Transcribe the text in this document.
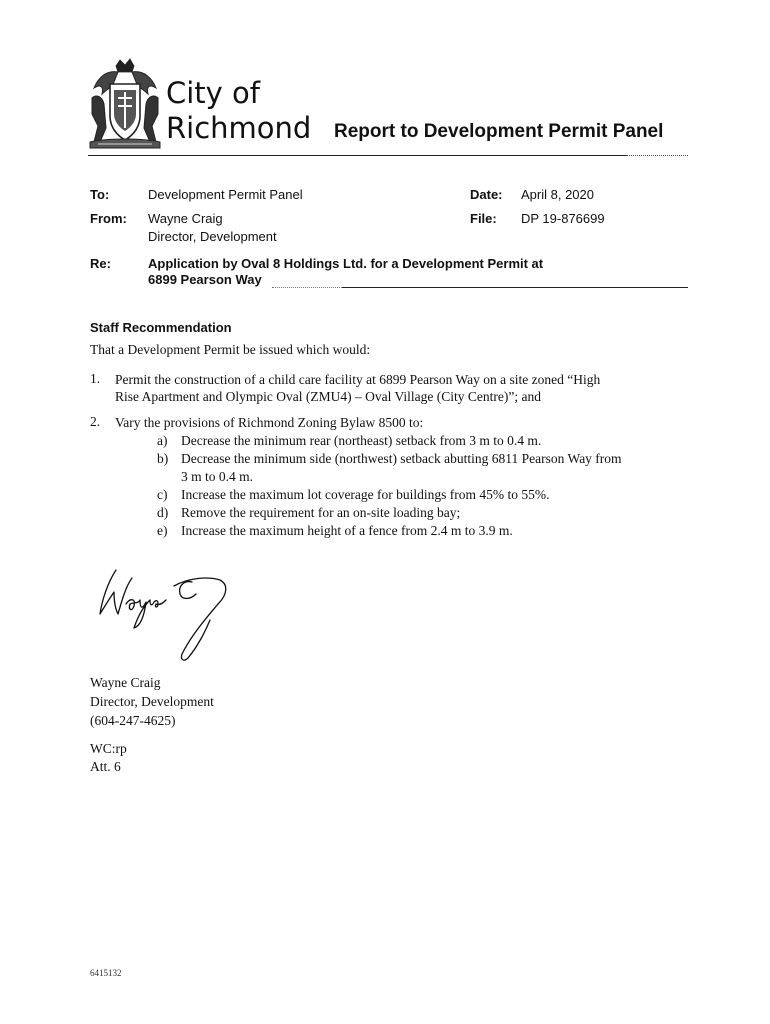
City of
Richmond Report to Development Permit Panel
To:	Development Permit Panel	Date: April 8, 2020
From: Wayne Craig
Director, Development
File: DP 19-876699
Re:	Application by Oval 8 Holdings Ltd. for a Development Permit at
6899 Pearson Way
Staff Recommendation
That a Development Permit be issued which would:
1. Permit the construction of a child care facility at 6899 Pearson Way on a site zoned “High
Rise Apartment and Olympic Oval (ZMU4) – Oval Village (City Centre)”; and
2. Vary the provisions of Richmond Zoning Bylaw 8500 to:
a) Decrease the minimum rear (northeast) setback from 3 m to 0.4 m.
b) Decrease the minimum side (northwest) setback abutting 6811 Pearson Way from
3 m to 0.4 m.
c) Increase the maximum lot coverage for buildings from 45% to 55%.
d) Remove the requirement for an on-site loading bay;
e) Increase the maximum height of a fence from 2.4 m to 3.9 m.
Wayne Craig
Director, Development
(604-247-4625)
WC:rp
Att. 6
6415132
